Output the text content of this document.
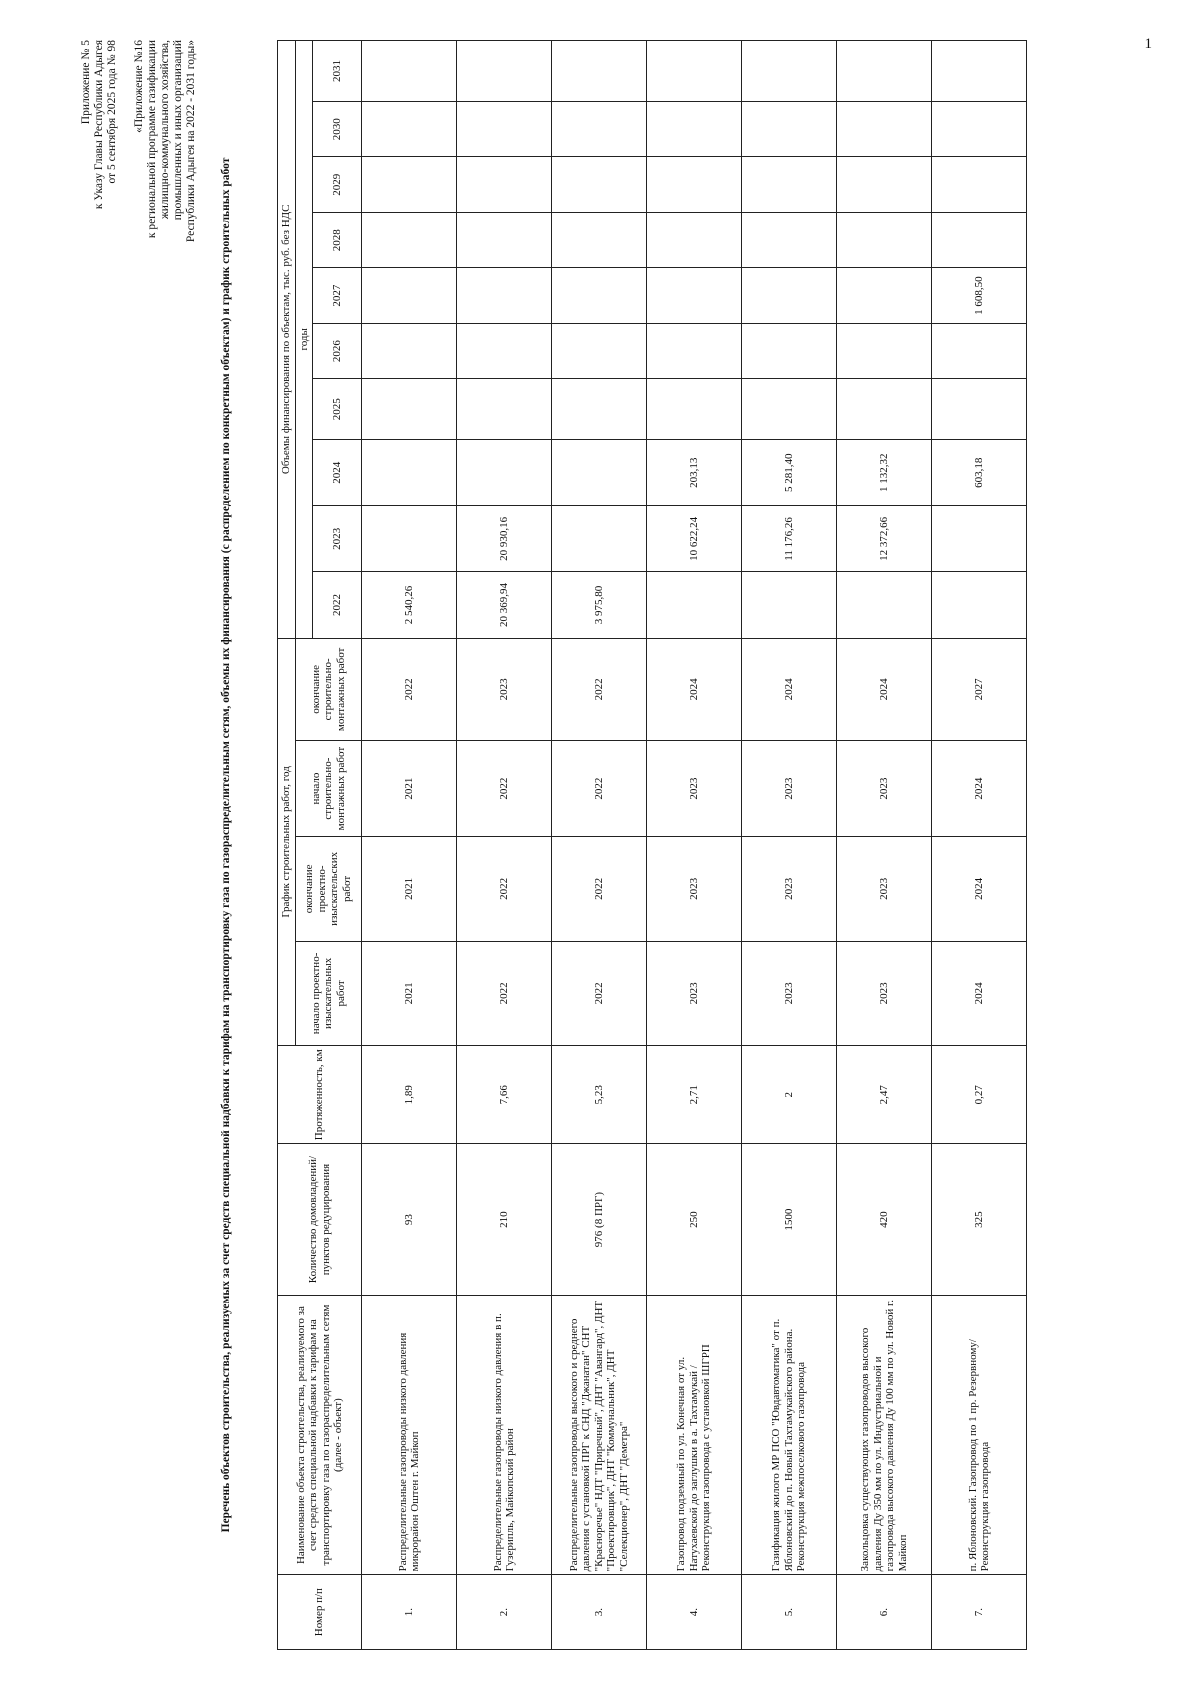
1
Приложение № 5 к Указу Главы Республики Адыгея от 5 сентября 2025 года № 98 «Приложение №16 к региональной программе газификации жилищно-коммунального хозяйства, промышленных и иных организаций Республики Адыгея на 2022 - 2031 годы»
Перечень объектов строительства, реализуемых за счет средств специальной надбавки к тарифам на транспортировку газа по газораспределительным сетям, объемы их финансирования (с распределением по конкретным объектам) и график строительных работ
Номер п/п	Наименование объекта строительства, реализуемого за счет средств специальной надбавки к тарифам на транспортировку газа по газораспределительным сетям (далее - объект)	Количество домовладений/пунктов редуцирования	Протяженность, км	График строительных работ, год				Объемы финансирования по объектам, тыс. руб. без НДС									
				начало проектно-изыскательных работ	окончание проектно-изыскательских работ	начало строительно-монтажных работ	окончание строительно-монтажных работ	годы									
								2022	2023	2024	2025	2026	2027	2028	2029	2030	2031
1.	Распределительные газопроводы низкого давления микрорайон Оштен г. Майкоп	93	1,89	2021	2021	2021	2022	2 540,26									
2.	Распределительные газопроводы низкого давления в п. Гузерипль, Майкопский район	210	7,66	2022	2022	2022	2023	20 369,94	20 930,16								
3.	Распределительные газопроводы высокого и среднего давления с установкой ПРГ к СНД "Джанатан" СНТ "Красноречье" НДТ "Приречный", ДНТ "Авангард", ДНТ "Проектировщик", ДНТ "Коммунальник", ДНТ "Селекционер", ДНТ "Деметра"	976 (8 ПРГ)	5,23	2022	2022	2022	2022	3 975,80									
4.	Газопровод подземный по ул. Конечная от ул. Натухаевской до заглушки в а. Тахтамукай /Реконструкция газопровода с установкой ШГРП	250	2,71	2023	2023	2023	2024		10 622,24	203,13							
5.	Газификация жилого МР ПСО "Ювдавтоматика" от п. Яблоновский до п. Новый Тахтамукайского района. Реконструкция межпоселкового газопровода	1500	2	2023	2023	2023	2024		11 176,26	5 281,40							
6.	Закольцовка существующих газопроводов высокого давления Ду 350 мм по ул. Индустриальной и газопровода высокого давления Ду 100 мм по ул. Новой г. Майкоп	420	2,47	2023	2023	2023	2024		12 372,66	1 132,32							
7.	п. Яблоновский. Газопровод по 1 пр. Резервному/Реконструкция газопровода	325	0,27	2024	2024	2024	2027			603,18			1 608,50				
